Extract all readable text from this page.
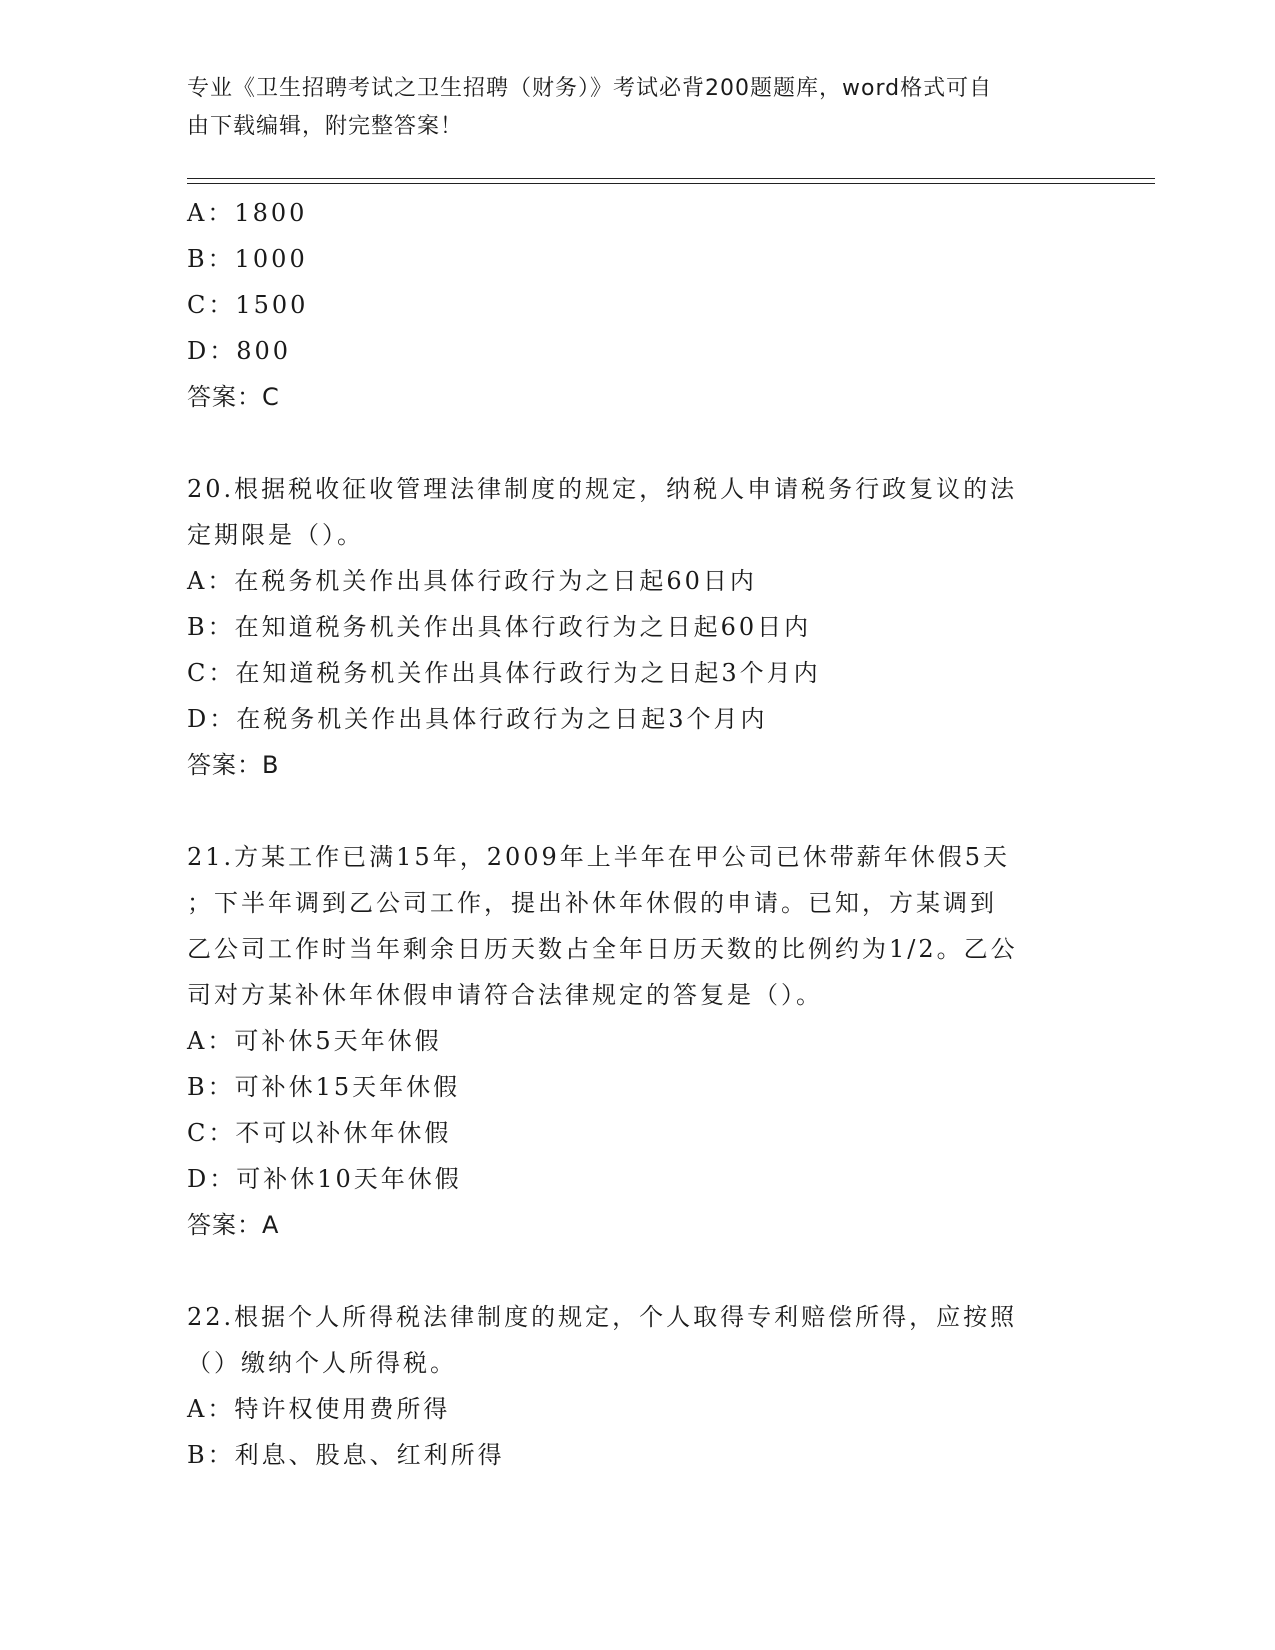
专业《卫生招聘考试之卫生招聘（财务）》考试必背200题题库，word格式可自
由下载编辑，附完整答案！
A：1800
B：1000
C：1500
D：800
答案：C
20.根据税收征收管理法律制度的规定，纳税人申请税务行政复议的法
定期限是（）。
A：在税务机关作出具体行政行为之日起60日内
B：在知道税务机关作出具体行政行为之日起60日内
C：在知道税务机关作出具体行政行为之日起3个月内
D：在税务机关作出具体行政行为之日起3个月内
答案：B
21.方某工作已满15年，2009年上半年在甲公司已休带薪年休假5天
；下半年调到乙公司工作，提出补休年休假的申请。已知，方某调到
乙公司工作时当年剩余日历天数占全年日历天数的比例约为1/2。乙公
司对方某补休年休假申请符合法律规定的答复是（）。
A：可补休5天年休假
B：可补休15天年休假
C：不可以补休年休假
D：可补休10天年休假
答案：A
22.根据个人所得税法律制度的规定，个人取得专利赔偿所得，应按照
（）缴纳个人所得税。
A：特许权使用费所得
B：利息、股息、红利所得
